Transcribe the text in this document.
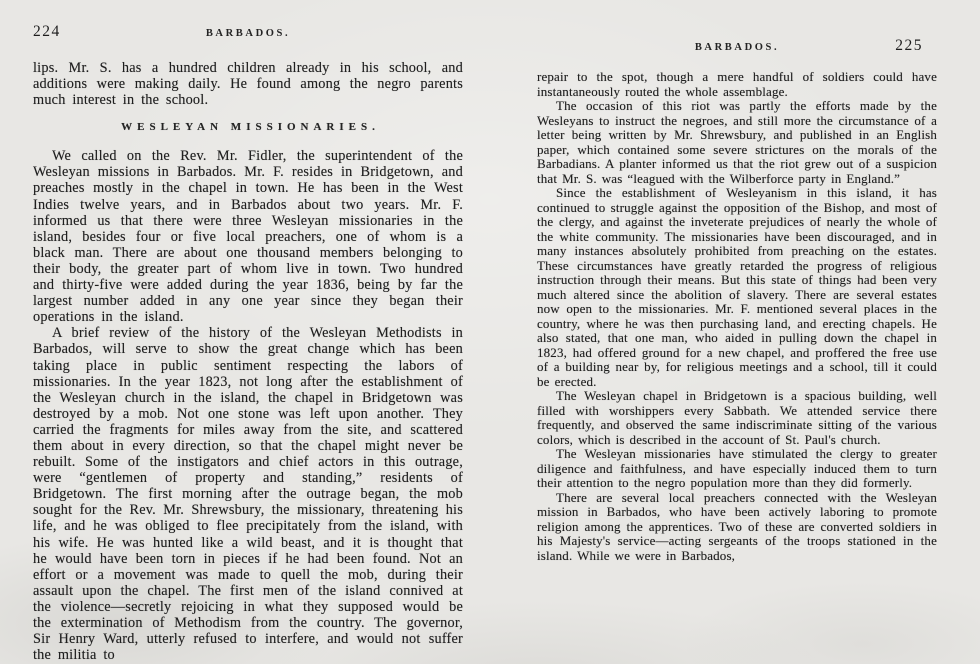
224	BARBADOS.

lips. Mr. S. has a hundred children already in his school, and additions were making daily. He found among the negro parents much interest in the school.

WESLEYAN MISSIONARIES.

We called on the Rev. Mr. Fidler, the superintendent of the Wesleyan missions in Barbados. Mr. F. resides in Bridgetown, and preaches mostly in the chapel in town. He has been in the West Indies twelve years, and in Barbados about two years. Mr. F. informed us that there were three Wesleyan missionaries in the island, besides four or five local preachers, one of whom is a black man. There are about one thousand members belonging to their body, the greater part of whom live in town. Two hundred and thirty-five were added during the year 1836, being by far the largest number added in any one year since they began their operations in the island.

A brief review of the history of the Wesleyan Methodists in Barbados, will serve to show the great change which has been taking place in public sentiment respecting the labors of missionaries. In the year 1823, not long after the establishment of the Wesleyan church in the island, the chapel in Bridgetown was destroyed by a mob. Not one stone was left upon another. They carried the fragments for miles away from the site, and scattered them about in every direction, so that the chapel might never be rebuilt. Some of the instigators and chief actors in this outrage, were “gentlemen of property and standing,” residents of Bridgetown. The first morning after the outrage began, the mob sought for the Rev. Mr. Shrewsbury, the missionary, threatening his life, and he was obliged to flee precipitately from the island, with his wife. He was hunted like a wild beast, and it is thought that he would have been torn in pieces if he had been found. Not an effort or a movement was made to quell the mob, during their assault upon the chapel. The first men of the island connived at the violence—secretly rejoicing in what they supposed would be the extermination of Methodism from the country. The governor, Sir Henry Ward, utterly refused to interfere, and would not suffer the militia to

BARBADOS.	225

repair to the spot, though a mere handful of soldiers could have instantaneously routed the whole assemblage.

The occasion of this riot was partly the efforts made by the Wesleyans to instruct the negroes, and still more the circumstance of a letter being written by Mr. Shrewsbury, and published in an English paper, which contained some severe strictures on the morals of the Barbadians. A planter informed us that the riot grew out of a suspicion that Mr. S. was “leagued with the Wilberforce party in England.”

Since the establishment of Wesleyanism in this island, it has continued to struggle against the opposition of the Bishop, and most of the clergy, and against the inveterate prejudices of nearly the whole of the white community. The missionaries have been discouraged, and in many instances absolutely prohibited from preaching on the estates. These circumstances have greatly retarded the progress of religious instruction through their means. But this state of things had been very much altered since the abolition of slavery. There are several estates now open to the missionaries. Mr. F. mentioned several places in the country, where he was then purchasing land, and erecting chapels. He also stated, that one man, who aided in pulling down the chapel in 1823, had offered ground for a new chapel, and proffered the free use of a building near by, for religious meetings and a school, till it could be erected.

The Wesleyan chapel in Bridgetown is a spacious building, well filled with worshippers every Sabbath. We attended service there frequently, and observed the same indiscriminate sitting of the various colors, which is described in the account of St. Paul's church.

The Wesleyan missionaries have stimulated the clergy to greater diligence and faithfulness, and have especially induced them to turn their attention to the negro population more than they did formerly.

There are several local preachers connected with the Wesleyan mission in Barbados, who have been actively laboring to promote religion among the apprentices. Two of these are converted soldiers in his Majesty's service—acting sergeants of the troops stationed in the island. While we were in Barbados,
